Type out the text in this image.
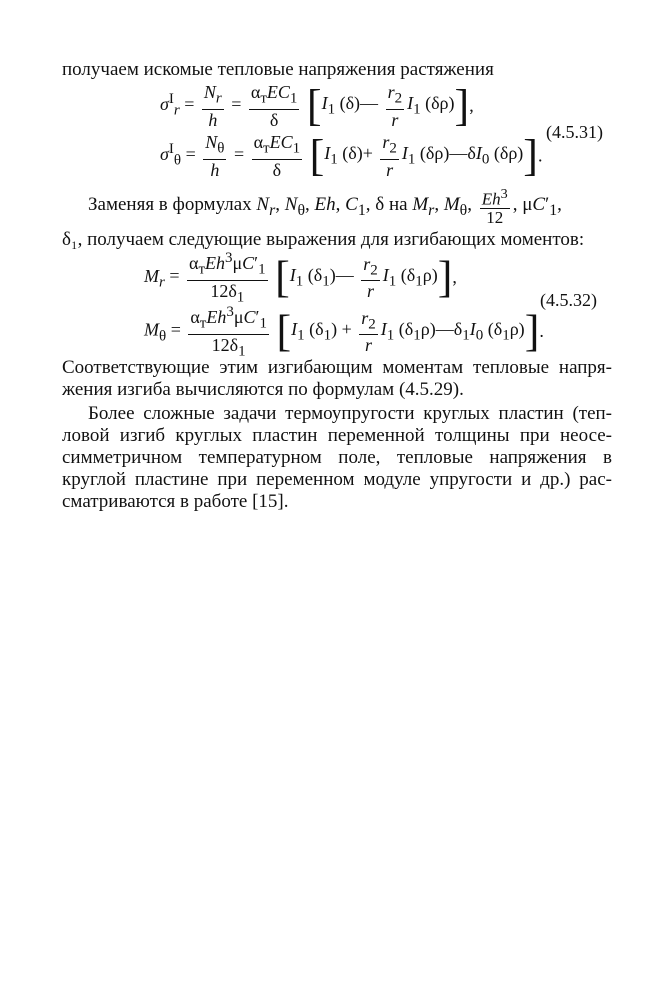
получаем искомые тепловые напряжения растяжения
$\sigma^I_r = \frac{N_r}{h} = \frac{\alpha_тEC_1}{\delta} [I_1$ (δ)— $\frac{r_2}{r} I_1$ (δρ)],
(4.5.31)
$\sigma^I_\theta = \frac{N_\theta}{h} = \frac{\alpha_тEC_1}{\delta} [I_1$ $(\delta)+ \frac{r_2}{r} I_1$ $(\delta\rho)—\delta I_0$ (δρ)].
Заменяя в формулах $N_r$, $N_\theta$, Eh, $C_1$, δ на $M_r$, $M_\theta$, $\frac{Eh^3}{12}$ , $\mu C'_1$,
δ₁, получаем следующие выражения для изгибающих моментов:
$M_r = \frac{\alpha_тEh^3\mu C'_1}{12\delta_1} [I_1$ $(\delta_1)— \frac{r_2}{r} I_1$ $(\delta_1\rho)$],
(4.5.32)
$M_\theta = \frac{\alpha_тEh^3\mu C'_1}{12\delta_1} [I_1$ $(\delta_1) + \frac{r_2}{r} I_1$ $(\delta_1\rho)—\delta_1I_0$ $(\delta_1\rho)$].
Соответствующие этим изгибающим моментам тепловые напря-
жения изгиба вычисляются по формулам (4.5.29).
Более сложные задачи термоупругости круглых пластин (теп-
ловой изгиб круглых пластин переменной толщины при неосе-
симметричном температурном поле, тепловые напряжения в
круглой пластине при переменном модуле упругости и др.) рас-
сматриваются в работе [15].
